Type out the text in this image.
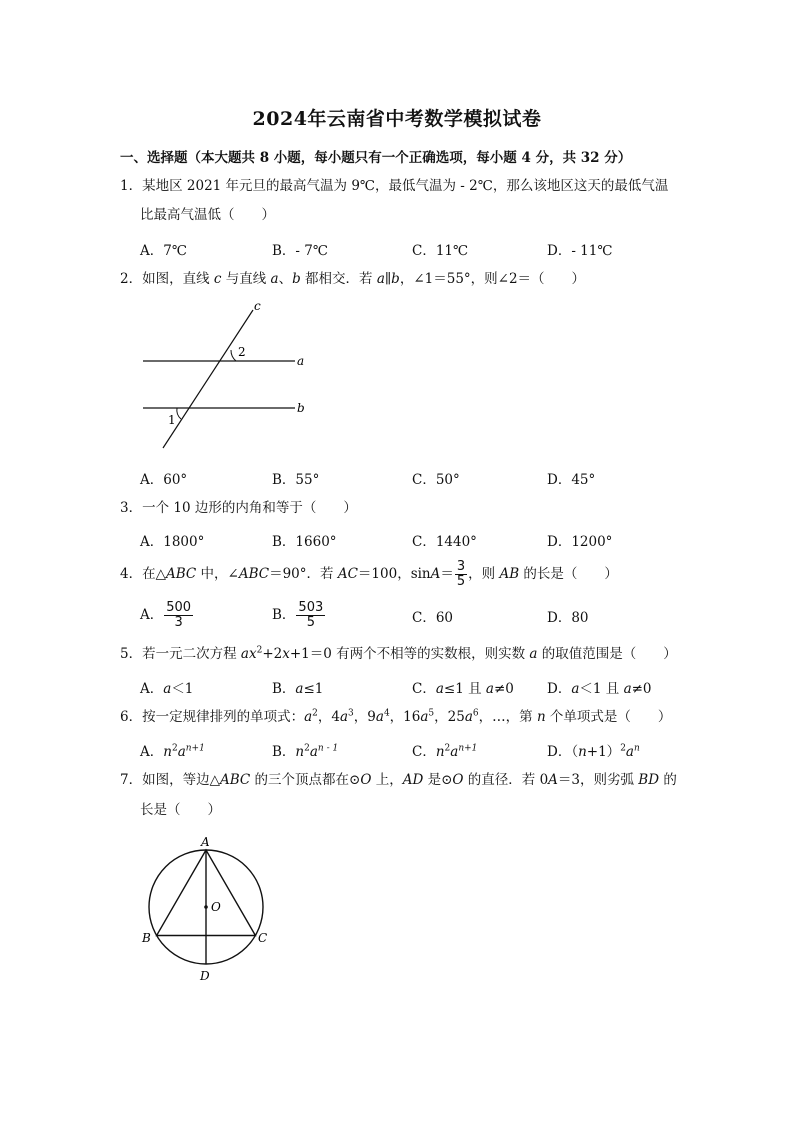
2024年云南省中考数学模拟试卷
一、选择题（本大题共 8 小题，每小题只有一个正确选项，每小题 4 分，共 32 分）
1．某地区 2021 年元旦的最高气温为 9℃，最低气温为 - 2℃，那么该地区这天的最低气温
比最高气温低（　　）
A．7℃	B．- 7℃	C．11℃	D．- 11℃
2．如图，直线 c 与直线 a、b 都相交．若 a∥b，∠1＝55°，则∠2＝（　　）
c
a
b
2
1
A．60°	B．55°	C．50°	D．45°
3．一个 10 边形的内角和等于（　　）
A．1800°	B．1660°	C．1440°	D．1200°
4．在△ABC 中，∠ABC＝90°．若 AC＝100，$\sin A= \frac{3}{5}$ ，则 AB 的长是（　　）
A． $\frac{500}{3}$	B． $\frac{503}{5}$	C．60	D．80
5．若一元二次方程 $ax^2+2x+1=0$ 有两个不相等的实数根，则实数 a 的取值范围是（　　）
A．a＜1	B．a≤1	C．a≤1 且 a≠0 D．a＜1 且 a≠0
6．按一定规律排列的单项式：$a^2$，$4a^3$，$9a^4$，$16a^5$，$25a^6$，…，第 n 个单项式是（　　）
A．$n^2a^{n+1}$	B．$n^2a^{n - 1}$	C．$n^2a^{n+1}$	D．$(n+1)^2a^n$
7．如图，等边△ABC 的三个顶点都在⊙O 上，AD 是⊙O 的直径．若 0A＝3，则劣弧 BD 的
长是（　　）
A
B	C
D
O
